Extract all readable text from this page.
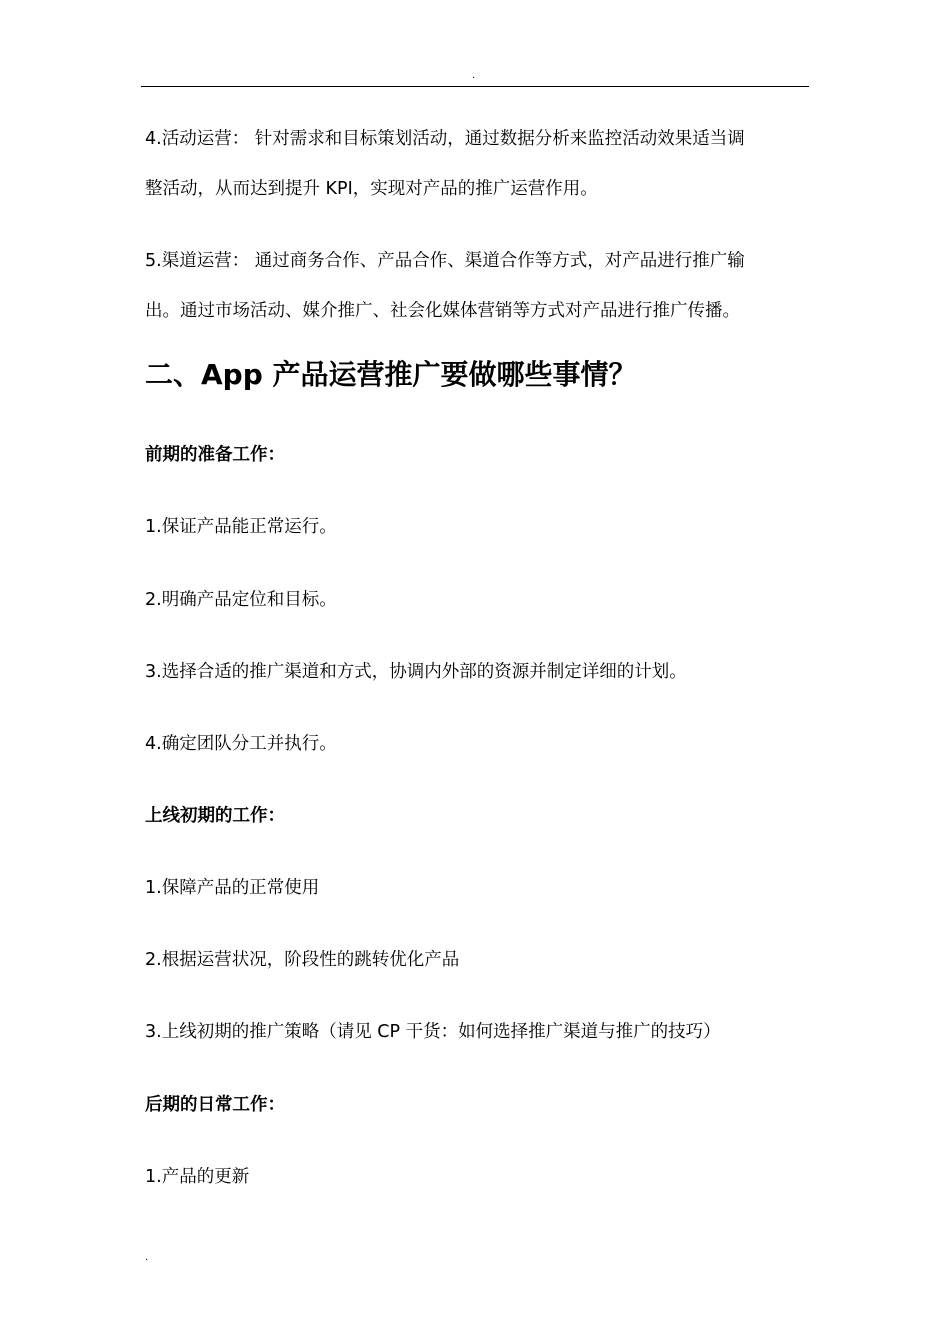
.
4.活动运营： 针对需求和目标策划活动，通过数据分析来监控活动效果适当调
整活动，从而达到提升 KPI，实现对产品的推广运营作用。
5.渠道运营： 通过商务合作、产品合作、渠道合作等方式，对产品进行推广输
出。通过市场活动、媒介推广、社会化媒体营销等方式对产品进行推广传播。
二、App 产品运营推广要做哪些事情？
前期的准备工作：
1.保证产品能正常运行。
2.明确产品定位和目标。
3.选择合适的推广渠道和方式，协调内外部的资源并制定详细的计划。
4.确定团队分工并执行。
上线初期的工作：
1.保障产品的正常使用
2.根据运营状况，阶段性的跳转优化产品
3.上线初期的推广策略（请见 CP 干货：如何选择推广渠道与推广的技巧）
后期的日常工作：
1.产品的更新
.
